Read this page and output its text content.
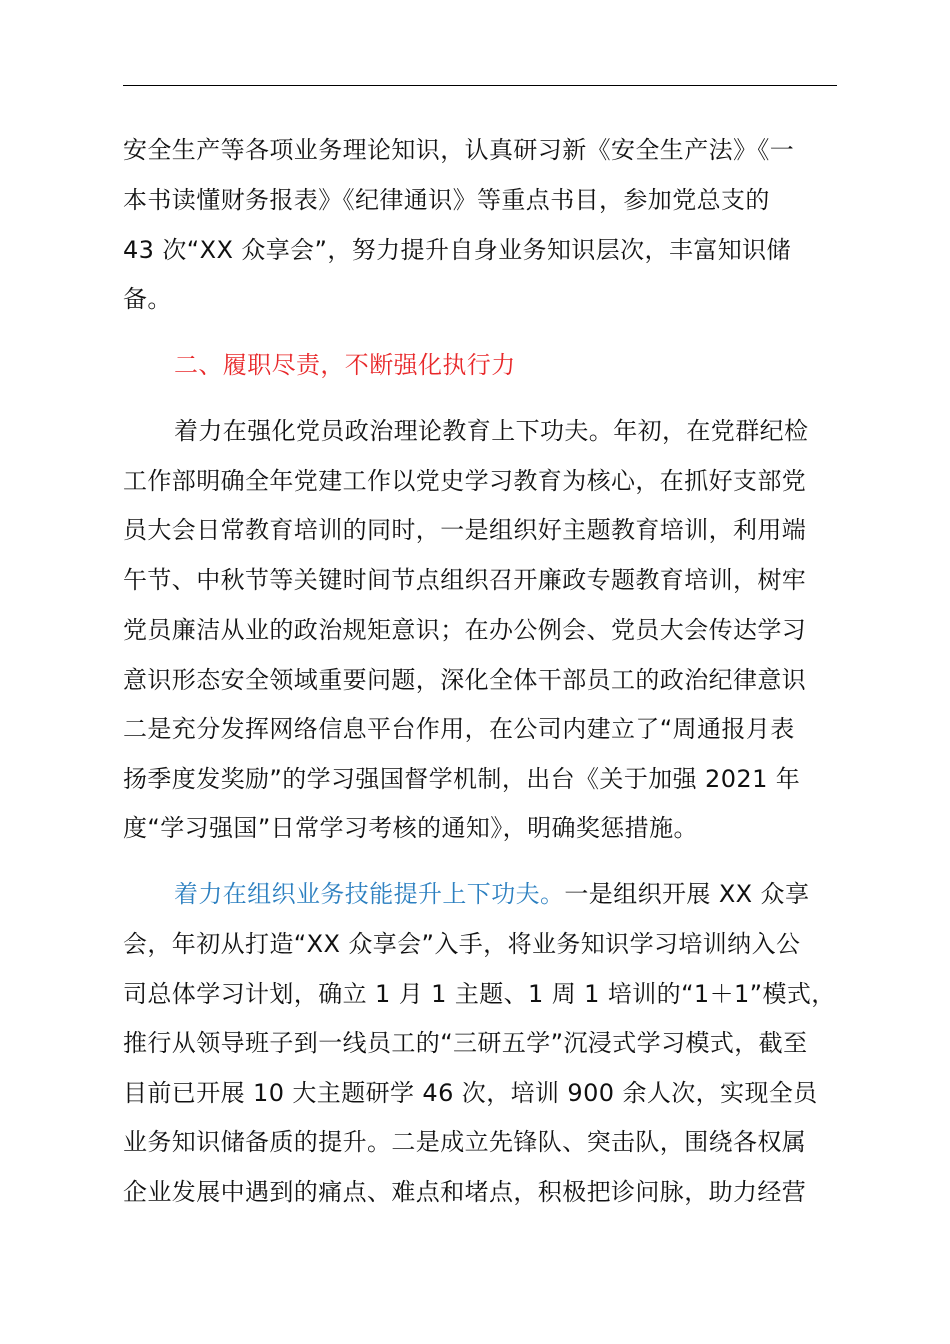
安全生产等各项业务理论知识，认真研习新《安全生产法》《一
本书读懂财务报表》《纪律通识》等重点书目，参加党总支的
43 次“XX 众享会”，努力提升自身业务知识层次，丰富知识储
备。
二、履职尽责，不断强化执行力
着力在强化党员政治理论教育上下功夫。年初，在党群纪检
工作部明确全年党建工作以党史学习教育为核心，在抓好支部党
员大会日常教育培训的同时，一是组织好主题教育培训，利用端
午节、中秋节等关键时间节点组织召开廉政专题教育培训，树牢
党员廉洁从业的政治规矩意识；在办公例会、党员大会传达学习
意识形态安全领域重要问题，深化全体干部员工的政治纪律意识
二是充分发挥网络信息平台作用，在公司内建立了“周通报月表
扬季度发奖励”的学习强国督学机制，出台《关于加强 2021 年
度“学习强国”日常学习考核的通知》，明确奖惩措施。
着力在组织业务技能提升上下功夫。一是组织开展 XX 众享
会，年初从打造“XX 众享会”入手，将业务知识学习培训纳入公
司总体学习计划，确立 1 月 1 主题、1 周 1 培训的“1＋1”模式，
推行从领导班子到一线员工的“三研五学”沉浸式学习模式，截至
目前已开展 10 大主题研学 46 次，培训 900 余人次，实现全员
业务知识储备质的提升。二是成立先锋队、突击队，围绕各权属
企业发展中遇到的痛点、难点和堵点，积极把诊问脉，助力经营
